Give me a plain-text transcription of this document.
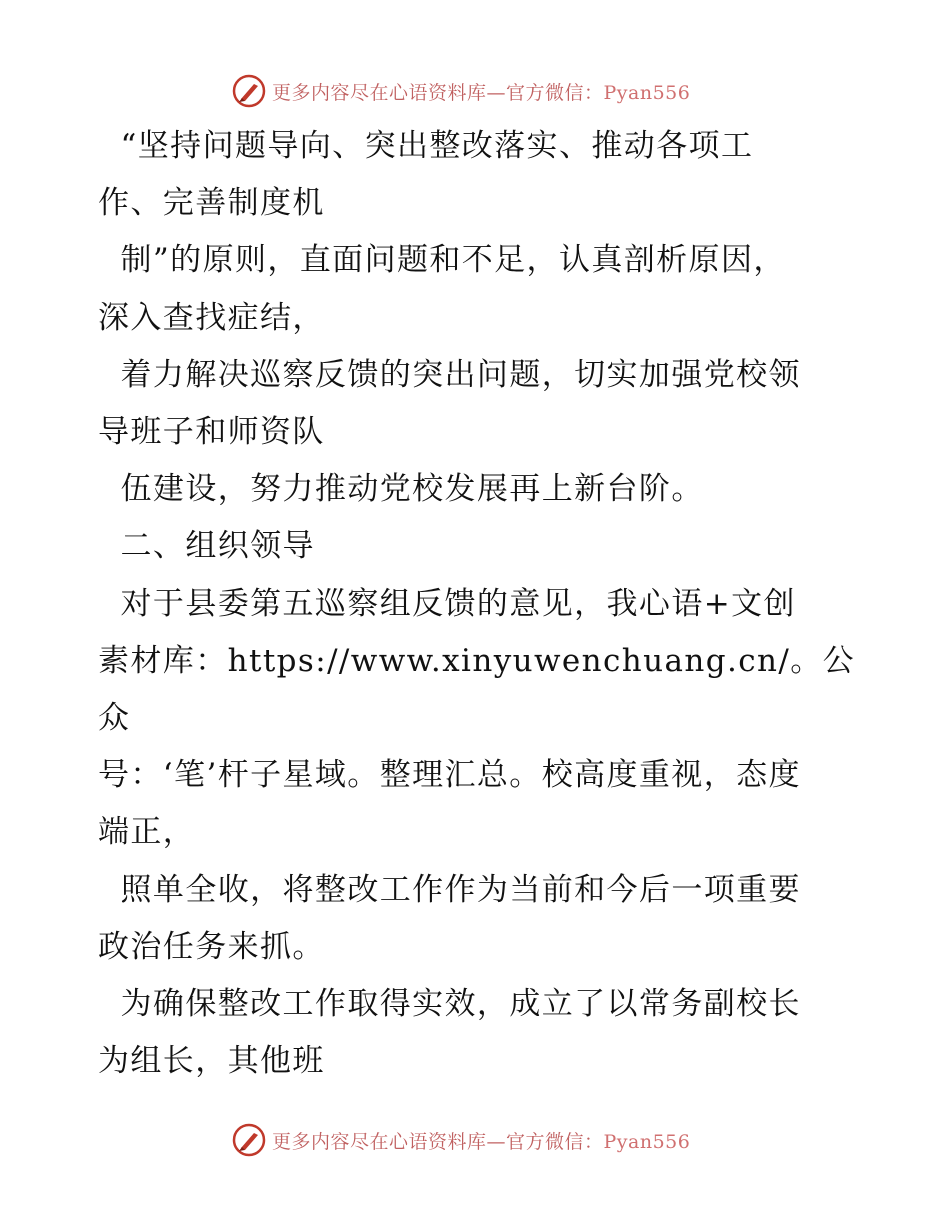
更多内容尽在心语资料库—官方微信：Pyan556

“坚持问题导向、突出整改落实、推动各项工

作、完善制度机

制”的原则，直面问题和不足，认真剖析原因，

深入查找症结，

着力解决巡察反馈的突出问题，切实加强党校领

导班子和师资队

伍建设，努力推动党校发展再上新台阶。

二、组织领导

对于县委第五巡察组反馈的意见，我心语+文创

素材库：https://www.xinyuwenchuang.cn/。公众

号：‘笔’杆子星域。整理汇总。校高度重视，态度

端正，

照单全收，将整改工作作为当前和今后一项重要

政治任务来抓。

为确保整改工作取得实效，成立了以常务副校长

为组长，其他班

更多内容尽在心语资料库—官方微信：Pyan556
